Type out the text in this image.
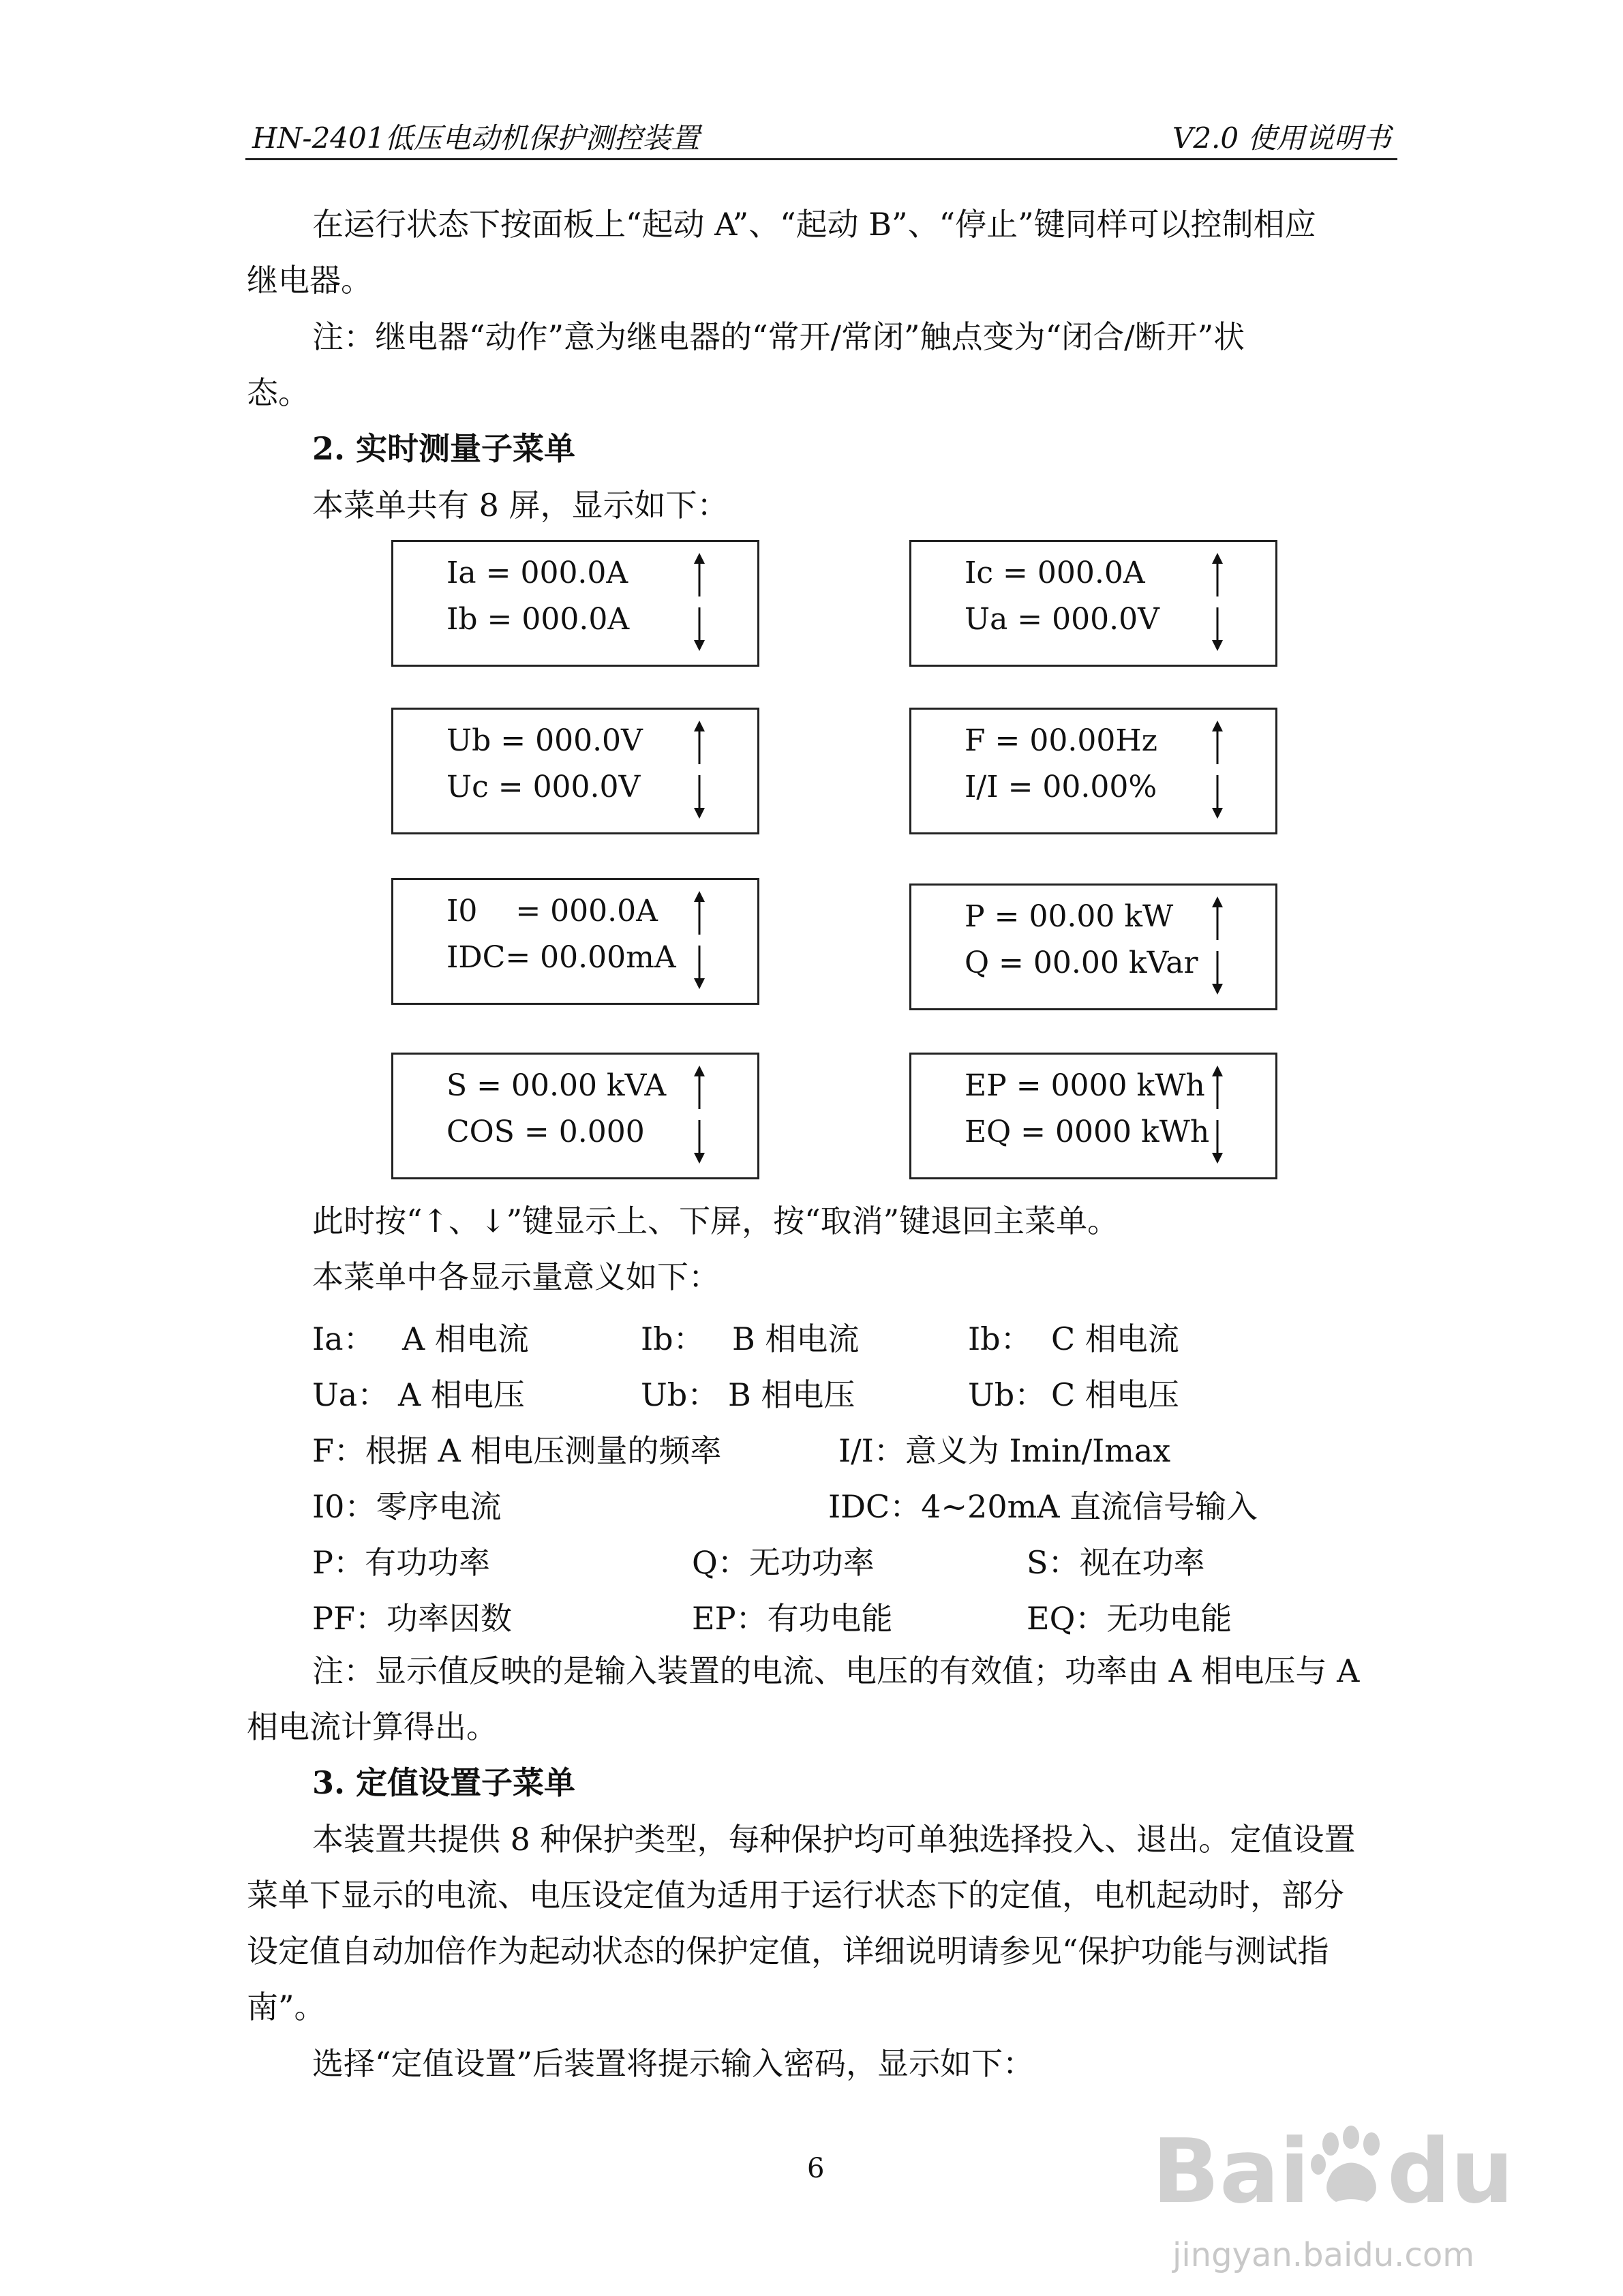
HN-2401低压电动机保护测控装置	V2.0 使用说明书
在运行状态下按面板上“起动 A”、“起动 B”、“停止”键同样可以控制相应
继电器。
注：继电器“动作”意为继电器的“常开/常闭”触点变为“闭合/断开”状
态。
2. 实时测量子菜单
本菜单共有 8 屏，显示如下：
Ia = 000.0A
Ib = 000.0A
Ic = 000.0A
Ua = 000.0V
Ub = 000.0V
Uc = 000.0V
F = 00.00Hz
I/I = 00.00%
I0    = 000.0A
IDC= 00.00mA
P = 00.00 kW
Q = 00.00 kVar
S = 00.00 kVA
COS = 0.000
EP = 0000 kWh
EQ = 0000 kWh
此时按“↑、↓”键显示上、下屏，按“取消”键退回主菜单。
本菜单中各显示量意义如下：
Ia： A 相电流	Ib： B 相电流	Ib： C 相电流
Ua： A 相电压	Ub： B 相电压	Ub： C 相电压
F：根据 A 相电压测量的频率	I/I：意义为 Imin/Imax
I0：零序电流	IDC：4~20mA 直流信号输入
P：有功功率	Q：无功功率	S：视在功率
PF：功率因数	EP：有功电能	EQ：无功电能
注：显示值反映的是输入装置的电流、电压的有效值；功率由 A 相电压与 A
相电流计算得出。
3. 定值设置子菜单
本装置共提供 8 种保护类型，每种保护均可单独选择投入、退出。定值设置
菜单下显示的电流、电压设定值为适用于运行状态下的定值，电机起动时，部分
设定值自动加倍作为起动状态的保护定值，详细说明请参见“保护功能与测试指
南”。
选择“定值设置”后装置将提示输入密码，显示如下：
6	Bai du
jingyan.baidu.com
